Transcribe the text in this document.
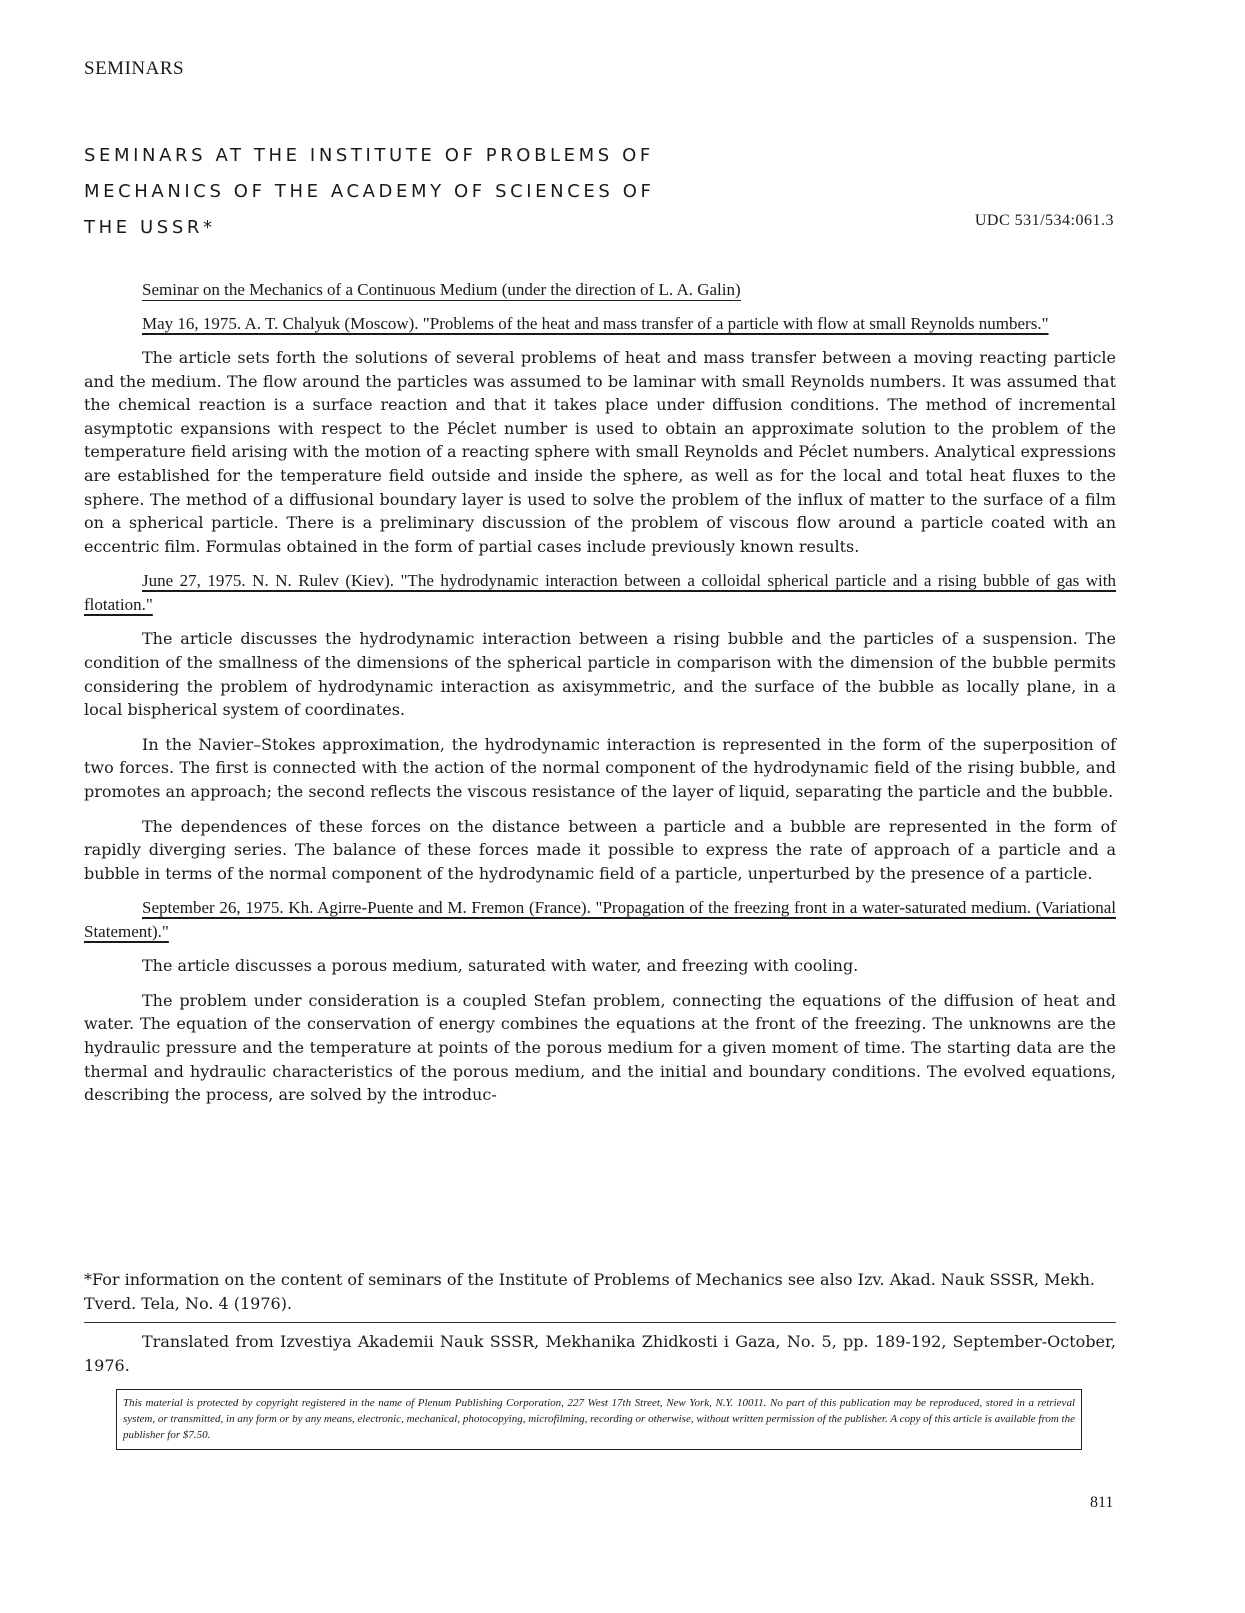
SEMINARS
SEMINARS AT THE INSTITUTE OF PROBLEMS OF
MECHANICS OF THE ACADEMY OF SCIENCES OF
THE USSR*	UDC 531/534:061.3
Seminar on the Mechanics of a Continuous Medium (under the direction of L. A. Galin)
May 16, 1975. A. T. Chalyuk (Moscow). "Problems of the heat and mass transfer of a particle with flow at small Reynolds numbers."

The article sets forth the solutions of several problems of heat and mass transfer between a moving reacting particle and the medium. The flow around the particles was assumed to be laminar with small Reynolds numbers. It was assumed that the chemical reaction is a surface reaction and that it takes place under diffusion conditions. The method of incremental asymptotic expansions with respect to the Péclet number is used to obtain an approximate solution to the problem of the temperature field arising with the motion of a reacting sphere with small Reynolds and Péclet numbers. Analytical expressions are established for the temperature field outside and inside the sphere, as well as for the local and total heat fluxes to the sphere. The method of a diffusional boundary layer is used to solve the problem of the influx of matter to the surface of a film on a spherical particle. There is a preliminary discussion of the problem of viscous flow around a particle coated with an eccentric film. Formulas obtained in the form of partial cases include previously known results.

June 27, 1975. N. N. Rulev (Kiev). "The hydrodynamic interaction between a colloidal spherical particle and a rising bubble of gas with flotation."

The article discusses the hydrodynamic interaction between a rising bubble and the particles of a suspension. The condition of the smallness of the dimensions of the spherical particle in comparison with the dimension of the bubble permits considering the problem of hydrodynamic interaction as axisymmetric, and the surface of the bubble as locally plane, in a local bispherical system of coordinates.

In the Navier–Stokes approximation, the hydrodynamic interaction is represented in the form of the superposition of two forces. The first is connected with the action of the normal component of the hydrodynamic field of the rising bubble, and promotes an approach; the second reflects the viscous resistance of the layer of liquid, separating the particle and the bubble.

The dependences of these forces on the distance between a particle and a bubble are represented in the form of rapidly diverging series. The balance of these forces made it possible to express the rate of approach of a particle and a bubble in terms of the normal component of the hydrodynamic field of a particle, unperturbed by the presence of a particle.

September 26, 1975. Kh. Agirre-Puente and M. Fremon (France). "Propagation of the freezing front in a water-saturated medium. (Variational Statement)."

The article discusses a porous medium, saturated with water, and freezing with cooling.

The problem under consideration is a coupled Stefan problem, connecting the equations of the diffusion of heat and water. The equation of the conservation of energy combines the equations at the front of the freezing. The unknowns are the hydraulic pressure and the temperature at points of the porous medium for a given moment of time. The starting data are the thermal and hydraulic characteristics of the porous medium, and the initial and boundary conditions. The evolved equations, describing the process, are solved by the introduc-

*For information on the content of seminars of the Institute of Problems of Mechanics see also Izv. Akad. Nauk SSSR, Mekh. Tverd. Tela, No. 4 (1976).
Translated from Izvestiya Akademii Nauk SSSR, Mekhanika Zhidkosti i Gaza, No. 5, pp. 189-192, September-October, 1976.
This material is protected by copyright registered in the name of Plenum Publishing Corporation, 227 West 17th Street, New York, N.Y. 10011. No part of this publication may be reproduced, stored in a retrieval system, or transmitted, in any form or by any means, electronic, mechanical, photocopying, microfilming, recording or otherwise, without written permission of the publisher. A copy of this article is available from the publisher for $7.50.
811
